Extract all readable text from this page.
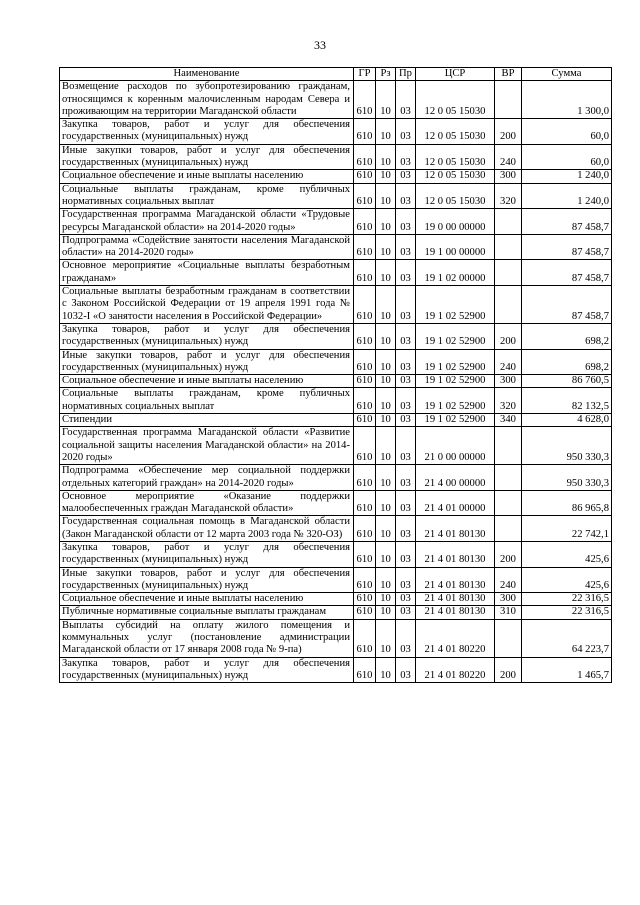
33
Наименование	ГР	Рз	Пр	ЦСР	ВР	Сумма
Возмещение расходов по зубопротезированию гражданам, относящимся к коренным малочисленным народам Севера и проживающим на территории Магаданской области	610	10	03	12 0 05 15030		1 300,0
Закупка товаров, работ и услуг для обеспечения государственных (муниципальных) нужд	610	10	03	12 0 05 15030	200	60,0
Иные закупки товаров, работ и услуг для обеспечения государственных (муниципальных) нужд	610	10	03	12 0 05 15030	240	60,0
Социальное обеспечение и иные выплаты населению	610	10	03	12 0 05 15030	300	1 240,0
Социальные выплаты гражданам, кроме публичных нормативных социальных выплат	610	10	03	12 0 05 15030	320	1 240,0
Государственная программа Магаданской области «Трудовые ресурсы Магаданской области» на 2014-2020 годы»	610	10	03	19 0 00 00000		87 458,7
Подпрограмма «Содействие занятости населения Магаданской области» на 2014-2020 годы»	610	10	03	19 1 00 00000		87 458,7
Основное мероприятие «Социальные выплаты безработным гражданам»	610	10	03	19 1 02 00000		87 458,7
Социальные выплаты безработным гражданам в соответствии с Законом Российской Федерации от 19 апреля 1991 года № 1032-I «О занятости населения в Российской Федерации»	610	10	03	19 1 02 52900		87 458,7
Закупка товаров, работ и услуг для обеспечения государственных (муниципальных) нужд	610	10	03	19 1 02 52900	200	698,2
Иные закупки товаров, работ и услуг для обеспечения государственных (муниципальных) нужд	610	10	03	19 1 02 52900	240	698,2
Социальное обеспечение и иные выплаты населению	610	10	03	19 1 02 52900	300	86 760,5
Социальные выплаты гражданам, кроме публичных нормативных социальных выплат	610	10	03	19 1 02 52900	320	82 132,5
Стипендии	610	10	03	19 1 02 52900	340	4 628,0
Государственная программа Магаданской области «Развитие социальной защиты населения Магаданской области» на 2014-2020 годы»	610	10	03	21 0 00 00000		950 330,3
Подпрограмма «Обеспечение мер социальной поддержки отдельных категорий граждан» на 2014-2020 годы»	610	10	03	21 4 00 00000		950 330,3
Основное мероприятие «Оказание поддержки малообеспеченных граждан Магаданской области»	610	10	03	21 4 01 00000		86 965,8
Государственная социальная помощь в Магаданской области (Закон Магаданской области от 12 марта 2003 года № 320-ОЗ)	610	10	03	21 4 01 80130		22 742,1
Закупка товаров, работ и услуг для обеспечения государственных (муниципальных) нужд	610	10	03	21 4 01 80130	200	425,6
Иные закупки товаров, работ и услуг для обеспечения государственных (муниципальных) нужд	610	10	03	21 4 01 80130	240	425,6
Социальное обеспечение и иные выплаты населению	610	10	03	21 4 01 80130	300	22 316,5
Публичные нормативные социальные выплаты гражданам	610	10	03	21 4 01 80130	310	22 316,5
Выплаты субсидий на оплату жилого помещения и коммунальных услуг (постановление администрации Магаданской области от 17 января 2008 года № 9-па)	610	10	03	21 4 01 80220		64 223,7
Закупка товаров, работ и услуг для обеспечения государственных (муниципальных) нужд	610	10	03	21 4 01 80220	200	1 465,7
